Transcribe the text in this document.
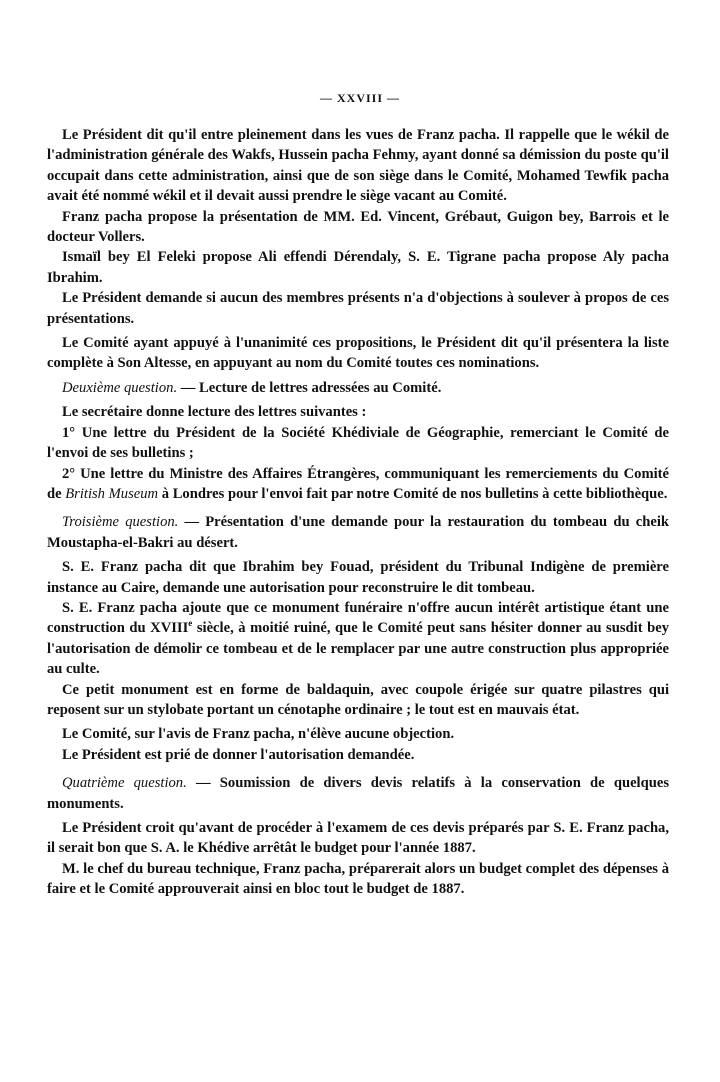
— XXVIII —

Le Président dit qu'il entre pleinement dans les vues de Franz pacha. Il rappelle que le wékil de l'administration générale des Wakfs, Hussein pacha Fehmy, ayant donné sa démission du poste qu'il occupait dans cette administration, ainsi que de son siège dans le Comité, Mohamed Tewfik pacha avait été nommé wékil et il devait aussi prendre le siège vacant au Comité.

Franz pacha propose la présentation de MM. Ed. Vincent, Grébaut, Guigon bey, Barrois et le docteur Vollers.

Ismaïl bey El Feleki propose Ali effendi Dérendaly, S. E. Tigrane pacha propose Aly pacha Ibrahim.

Le Président demande si aucun des membres présents n'a d'objections à soulever à propos de ces présentations.

Le Comité ayant appuyé à l'unanimité ces propositions, le Président dit qu'il présentera la liste complète à Son Altesse, en appuyant au nom du Comité toutes ces nominations.

Deuxième question. — Lecture de lettres adressées au Comité.

Le secrétaire donne lecture des lettres suivantes :

1° Une lettre du Président de la Société Khédiviale de Géographie, remerciant le Comité de l'envoi de ses bulletins ;

2° Une lettre du Ministre des Affaires Étrangères, communiquant les remerciements du Comité de British Museum à Londres pour l'envoi fait par notre Comité de nos bulletins à cette bibliothèque.

Troisième question. — Présentation d'une demande pour la restauration du tombeau du cheik Moustapha-el-Bakri au désert.

S. E. Franz pacha dit que Ibrahim bey Fouad, président du Tribunal Indigène de première instance au Caire, demande une autorisation pour reconstruire le dit tombeau.

S. E. Franz pacha ajoute que ce monument funéraire n'offre aucun intérêt artistique étant une construction du XVIIIe siècle, à moitié ruiné, que le Comité peut sans hésiter donner au susdit bey l'autorisation de démolir ce tombeau et de le remplacer par une autre construction plus appropriée au culte.

Ce petit monument est en forme de baldaquin, avec coupole érigée sur quatre pilastres qui reposent sur un stylobate portant un cénotaphe ordinaire ; le tout est en mauvais état.

Le Comité, sur l'avis de Franz pacha, n'élève aucune objection.

Le Président est prié de donner l'autorisation demandée.

Quatrième question. — Soumission de divers devis relatifs à la conservation de quelques monuments.

Le Président croit qu'avant de procéder à l'examem de ces devis préparés par S. E. Franz pacha, il serait bon que S. A. le Khédive arrêtât le budget pour l'année 1887.

M. le chef du bureau technique, Franz pacha, préparerait alors un budget complet des dépenses à faire et le Comité approuverait ainsi en bloc tout le budget de 1887.
